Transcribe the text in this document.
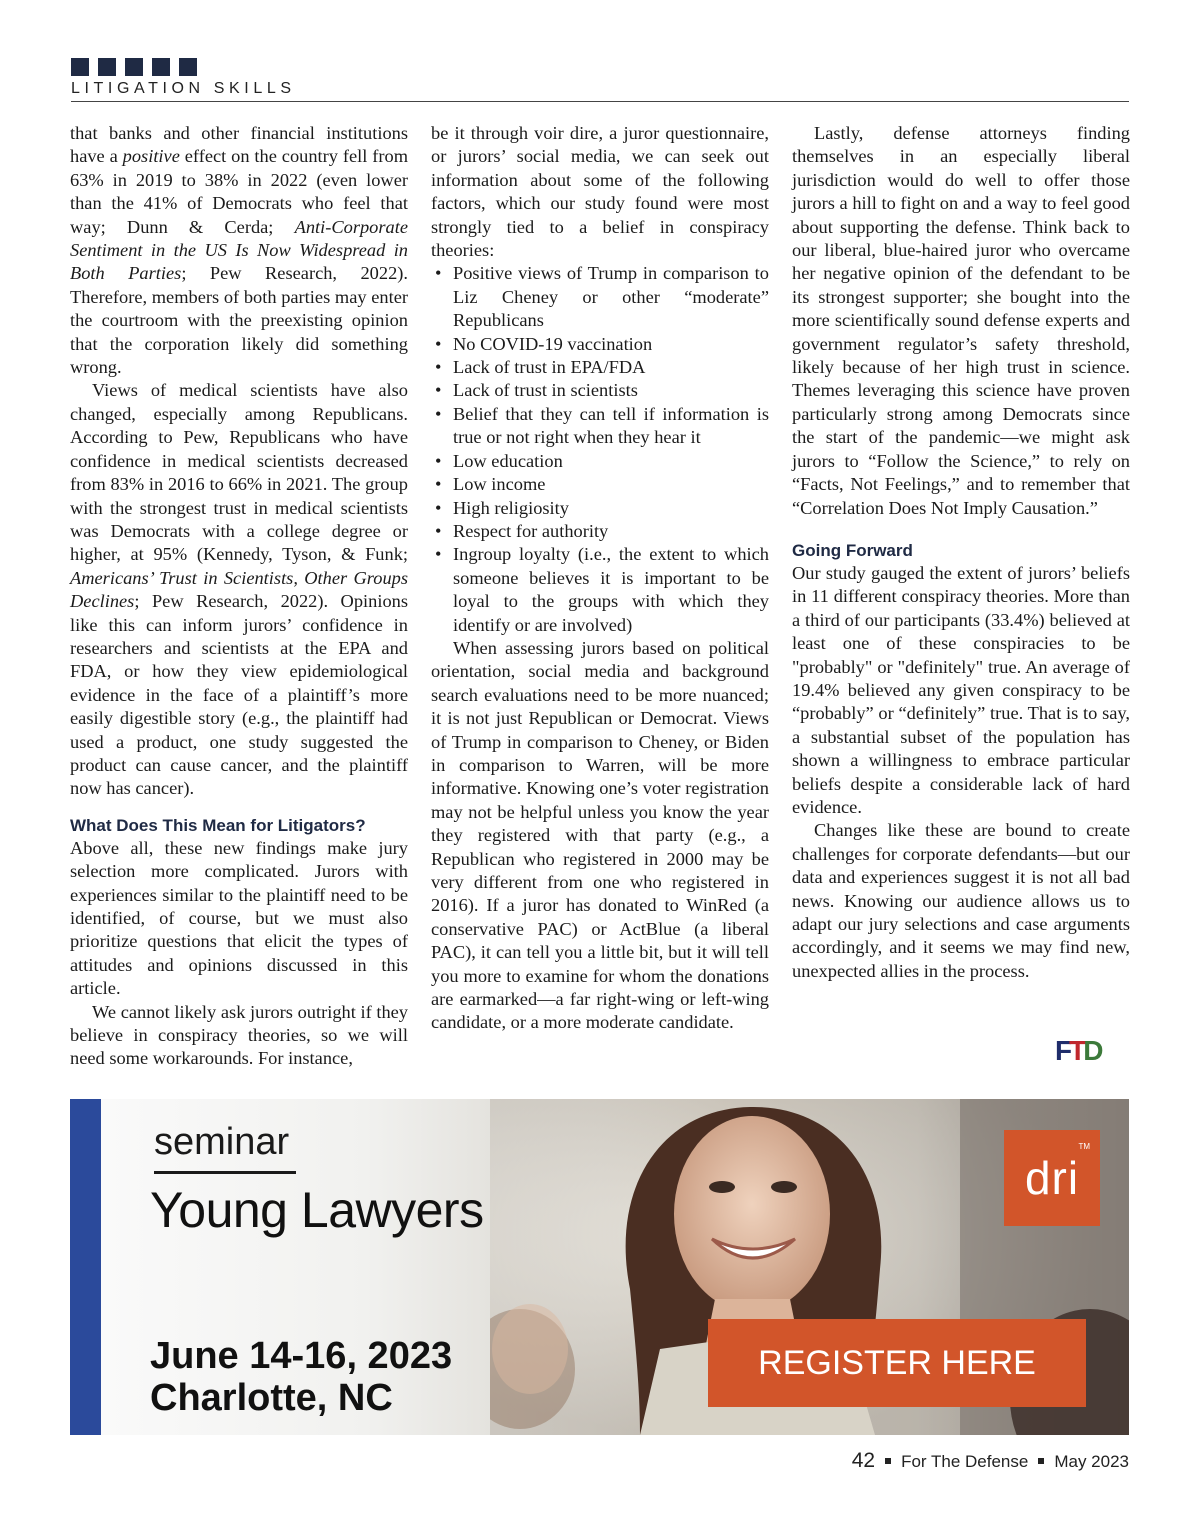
LITIGATION SKILLS

that banks and other financial institutions have a positive effect on the country fell from 63% in 2019 to 38% in 2022 (even lower than the 41% of Democrats who feel that way; Dunn & Cerda; Anti-Corporate Sentiment in the US Is Now Widespread in Both Parties; Pew Research, 2022). Therefore, members of both parties may enter the courtroom with the preexisting opinion that the corporation likely did something wrong.

Views of medical scientists have also changed, especially among Republicans. According to Pew, Republicans who have confidence in medical scientists decreased from 83% in 2016 to 66% in 2021. The group with the strongest trust in medical scientists was Democrats with a college degree or higher, at 95% (Kennedy, Tyson, & Funk; Americans’ Trust in Scientists, Other Groups Declines; Pew Research, 2022). Opinions like this can inform jurors’ confidence in researchers and scientists at the EPA and FDA, or how they view epidemiological evidence in the face of a plaintiff’s more easily digestible story (e.g., the plaintiff had used a product, one study suggested the product can cause cancer, and the plaintiff now has cancer).

What Does This Mean for Litigators?

Above all, these new findings make jury selection more complicated. Jurors with experiences similar to the plaintiff need to be identified, of course, but we must also prioritize questions that elicit the types of attitudes and opinions discussed in this article.

We cannot likely ask jurors outright if they believe in conspiracy theories, so we will need some workarounds. For instance,

be it through voir dire, a juror questionnaire, or jurors’ social media, we can seek out information about some of the following factors, which our study found were most strongly tied to a belief in conspiracy theories:

• Positive views of Trump in comparison to Liz Cheney or other “moderate” Republicans
• No COVID-19 vaccination
• Lack of trust in EPA/FDA
• Lack of trust in scientists
• Belief that they can tell if information is true or not right when they hear it
• Low education
• Low income
• High religiosity
• Respect for authority
• Ingroup loyalty (i.e., the extent to which someone believes it is important to be loyal to the groups with which they identify or are involved)

When assessing jurors based on political orientation, social media and background search evaluations need to be more nuanced; it is not just Republican or Democrat. Views of Trump in comparison to Cheney, or Biden in comparison to Warren, will be more informative. Knowing one’s voter registration may not be helpful unless you know the year they registered with that party (e.g., a Republican who registered in 2000 may be very different from one who registered in 2016). If a juror has donated to WinRed (a conservative PAC) or ActBlue (a liberal PAC), it can tell you a little bit, but it will tell you more to examine for whom the donations are earmarked—a far right-wing or left-wing candidate, or a more moderate candidate.

Lastly, defense attorneys finding themselves in an especially liberal jurisdiction would do well to offer those jurors a hill to fight on and a way to feel good about supporting the defense. Think back to our liberal, blue-haired juror who overcame her negative opinion of the defendant to be its strongest supporter; she bought into the more scientifically sound defense experts and government regulator’s safety threshold, likely because of her high trust in science. Themes leveraging this science have proven particularly strong among Democrats since the start of the pandemic—we might ask jurors to “Follow the Science,” to rely on “Facts, Not Feelings,” and to remember that “Correlation Does Not Imply Causation.”

Going Forward

Our study gauged the extent of jurors’ beliefs in 11 different conspiracy theories. More than a third of our participants (33.4%) believed at least one of these conspiracies to be "probably" or "definitely" true. An average of 19.4% believed any given conspiracy to be “probably” or “definitely” true. That is to say, a substantial subset of the population has shown a willingness to embrace particular beliefs despite a considerable lack of hard evidence.

Changes like these are bound to create challenges for corporate defendants—but our data and experiences suggest it is not all bad news. Knowing our audience allows us to adapt our jury selections and case arguments accordingly, and it seems we may find new, unexpected allies in the process.

FTD
seminar
Young Lawyers
June 14-16, 2023
Charlotte, NC
dri
TM
REGISTER HERE
42 For The Defense May 2023
